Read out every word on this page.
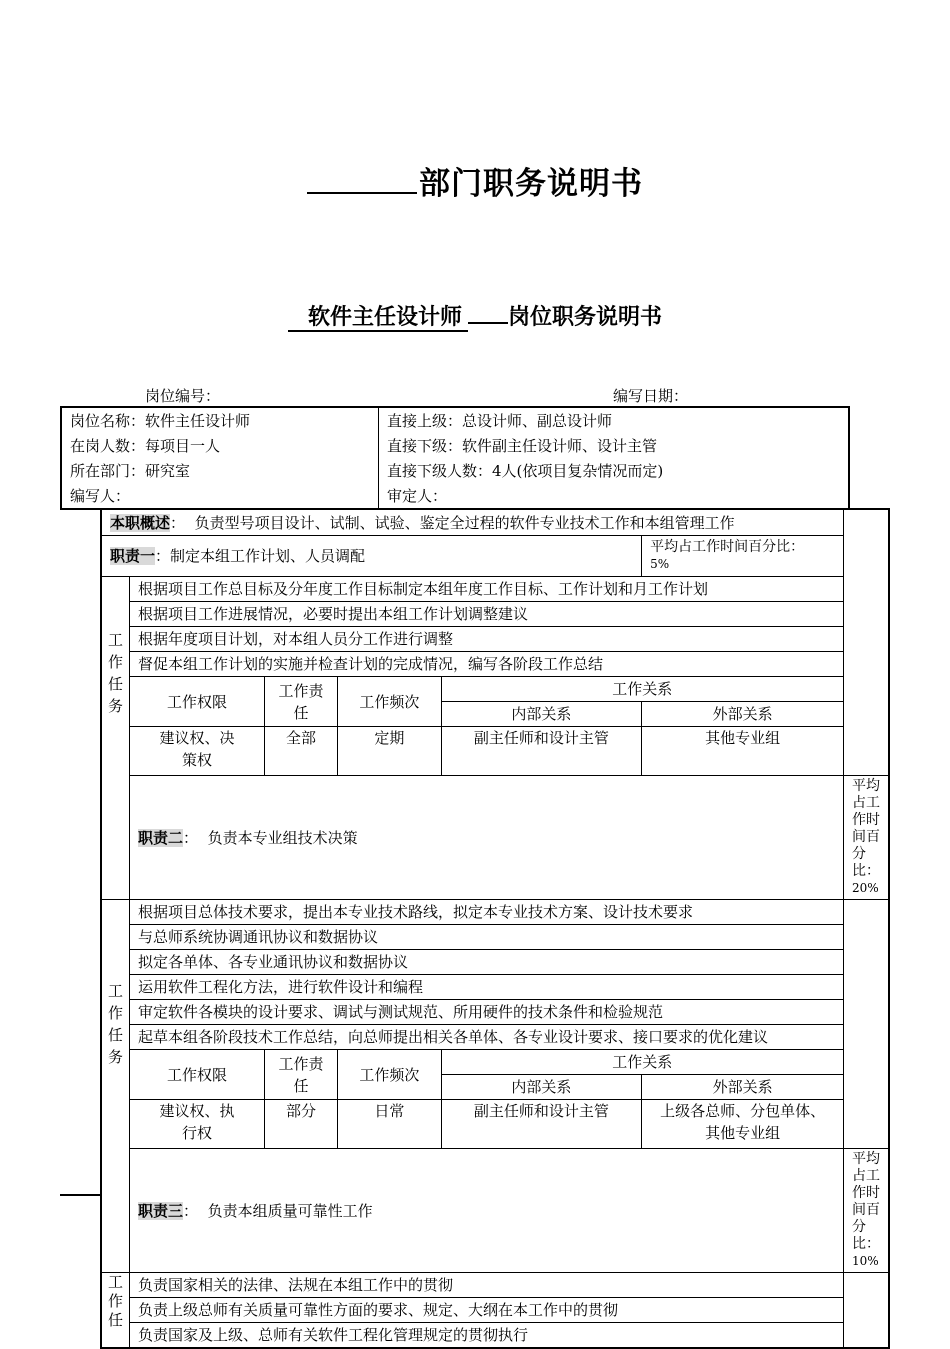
部门职务说明书
软件主任设计师 岗位职务说明书
岗位编号：	编写日期：
岗位名称：软件主任设计师	直接上级：总设计师、副总设计师
在岗人数：每项目一人	直接下级：软件副主任设计师、设计主管
所在部门：研究室	直接下级人数：4人(依项目复杂情况而定)
编写人：	审定人：
本职概述： 负责型号项目设计、试制、试验、鉴定全过程的软件专业技术工作和本组管理工作						
职责一：制定本组工作计划、人员调配					平均占工作时间百分比：
5%	
工
作
任
务	根据项目工作总目标及分年度工作目标制定本组年度工作目标、工作计划和月工作计划					
	根据项目工作进展情况，必要时提出本组工作计划调整建议					
	根据年度项目计划，对本组人员分工作进行调整					
	督促本组工作计划的实施并检查计划的完成情况，编写各阶段工作总结					
	工作权限	工作责任	工作频次	工作关系		
				内部关系	外部关系	
	建议权、决
策权	全部	定期	副主任师和设计主管	其他专业组	
	职责二： 负责本专业组技术决策					平均占工作时间百分比：
20%
工
作
任
务	根据项目总体技术要求，提出本专业技术路线，拟定本专业技术方案、设计技术要求					
	与总师系统协调通讯协议和数据协议					
	拟定各单体、各专业通讯协议和数据协议					
	运用软件工程化方法，进行软件设计和编程					
	审定软件各模块的设计要求、调试与测试规范、所用硬件的技术条件和检验规范					
	起草本组各阶段技术工作总结，向总师提出相关各单体、各专业设计要求、接口要求的优化建议					
	工作权限	工作责任	工作频次	工作关系		
				内部关系	外部关系	
	建议权、执
行权	部分	日常	副主任师和设计主管	上级各总师、分包单体、
其他专业组	
	职责三： 负责本组质量可靠性工作					平均占工作时间百分比：
10%
工
作
任	负责国家相关的法律、法规在本组工作中的贯彻					
	负责上级总师有关质量可靠性方面的要求、规定、大纲在本工作中的贯彻					
	负责国家及上级、总师有关软件工程化管理规定的贯彻执行					
